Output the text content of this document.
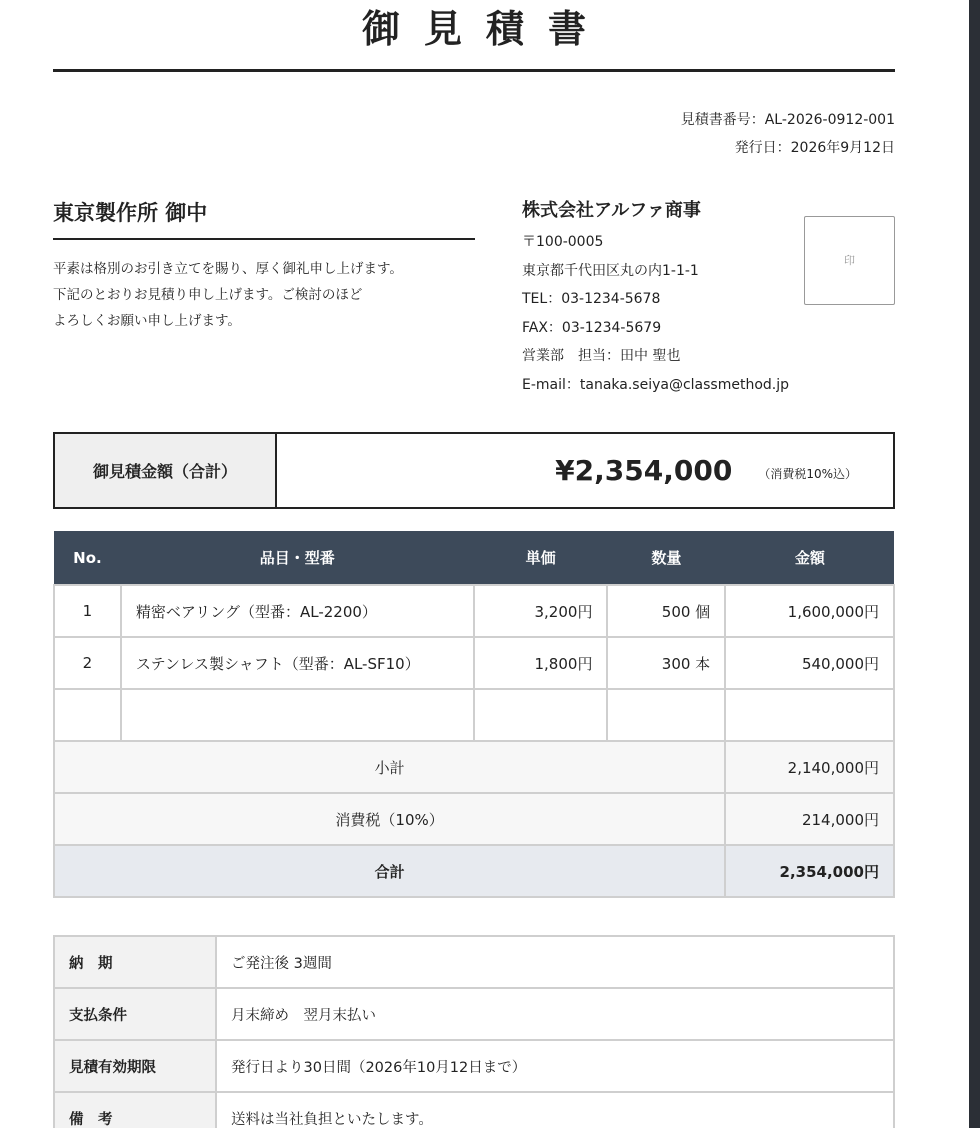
御見積書
見積書番号：AL-2026-0912-001
発行日：2026年9月12日
東京製作所 御中
平素は格別のお引き立てを賜り、厚く御礼申し上げます。
下記のとおりお見積り申し上げます。ご検討のほど
よろしくお願い申し上げます。
株式会社アルファ商事
〒100-0005
東京都千代田区丸の内1-1-1
TEL：03-1234-5678
FAX：03-1234-5679
営業部　担当：田中 聖也
E-mail：tanaka.seiya@classmethod.jp
印
御見積金額（合計）	¥2,354,000 （消費税10%込）
No.	品目・型番	単価	数量	金額
1	精密ベアリング（型番：AL-2200）	3,200円	500 個	1,600,000円
2	ステンレス製シャフト（型番：AL-SF10）	1,800円	300 本	540,000円

小計				2,140,000円
消費税（10%）				214,000円
合計				2,354,000円
納　期	ご発注後 3週間
支払条件	月末締め　翌月末払い
見積有効期限	発行日より30日間（2026年10月12日まで）
備　考	送料は当社負担といたします。
